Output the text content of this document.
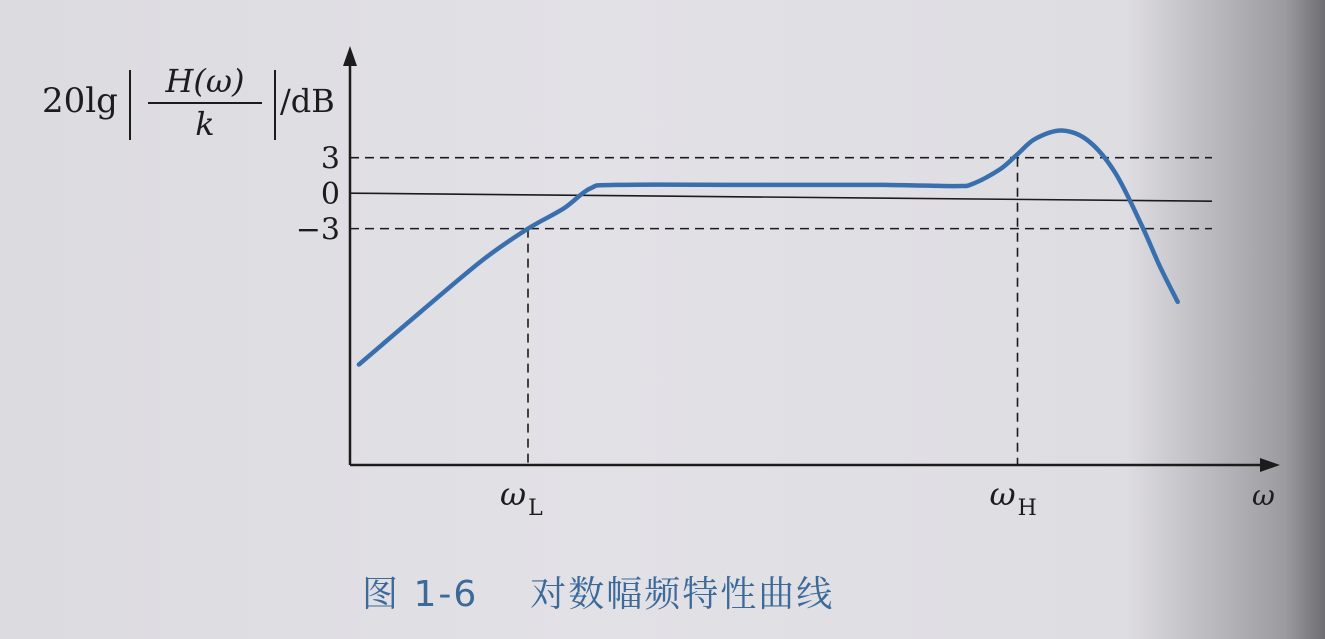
20lg H(ω)
k
/dB
ω
3
0
−3
$\omega_L$	$\omega_H$
图 1-6 对数幅频特性曲线
